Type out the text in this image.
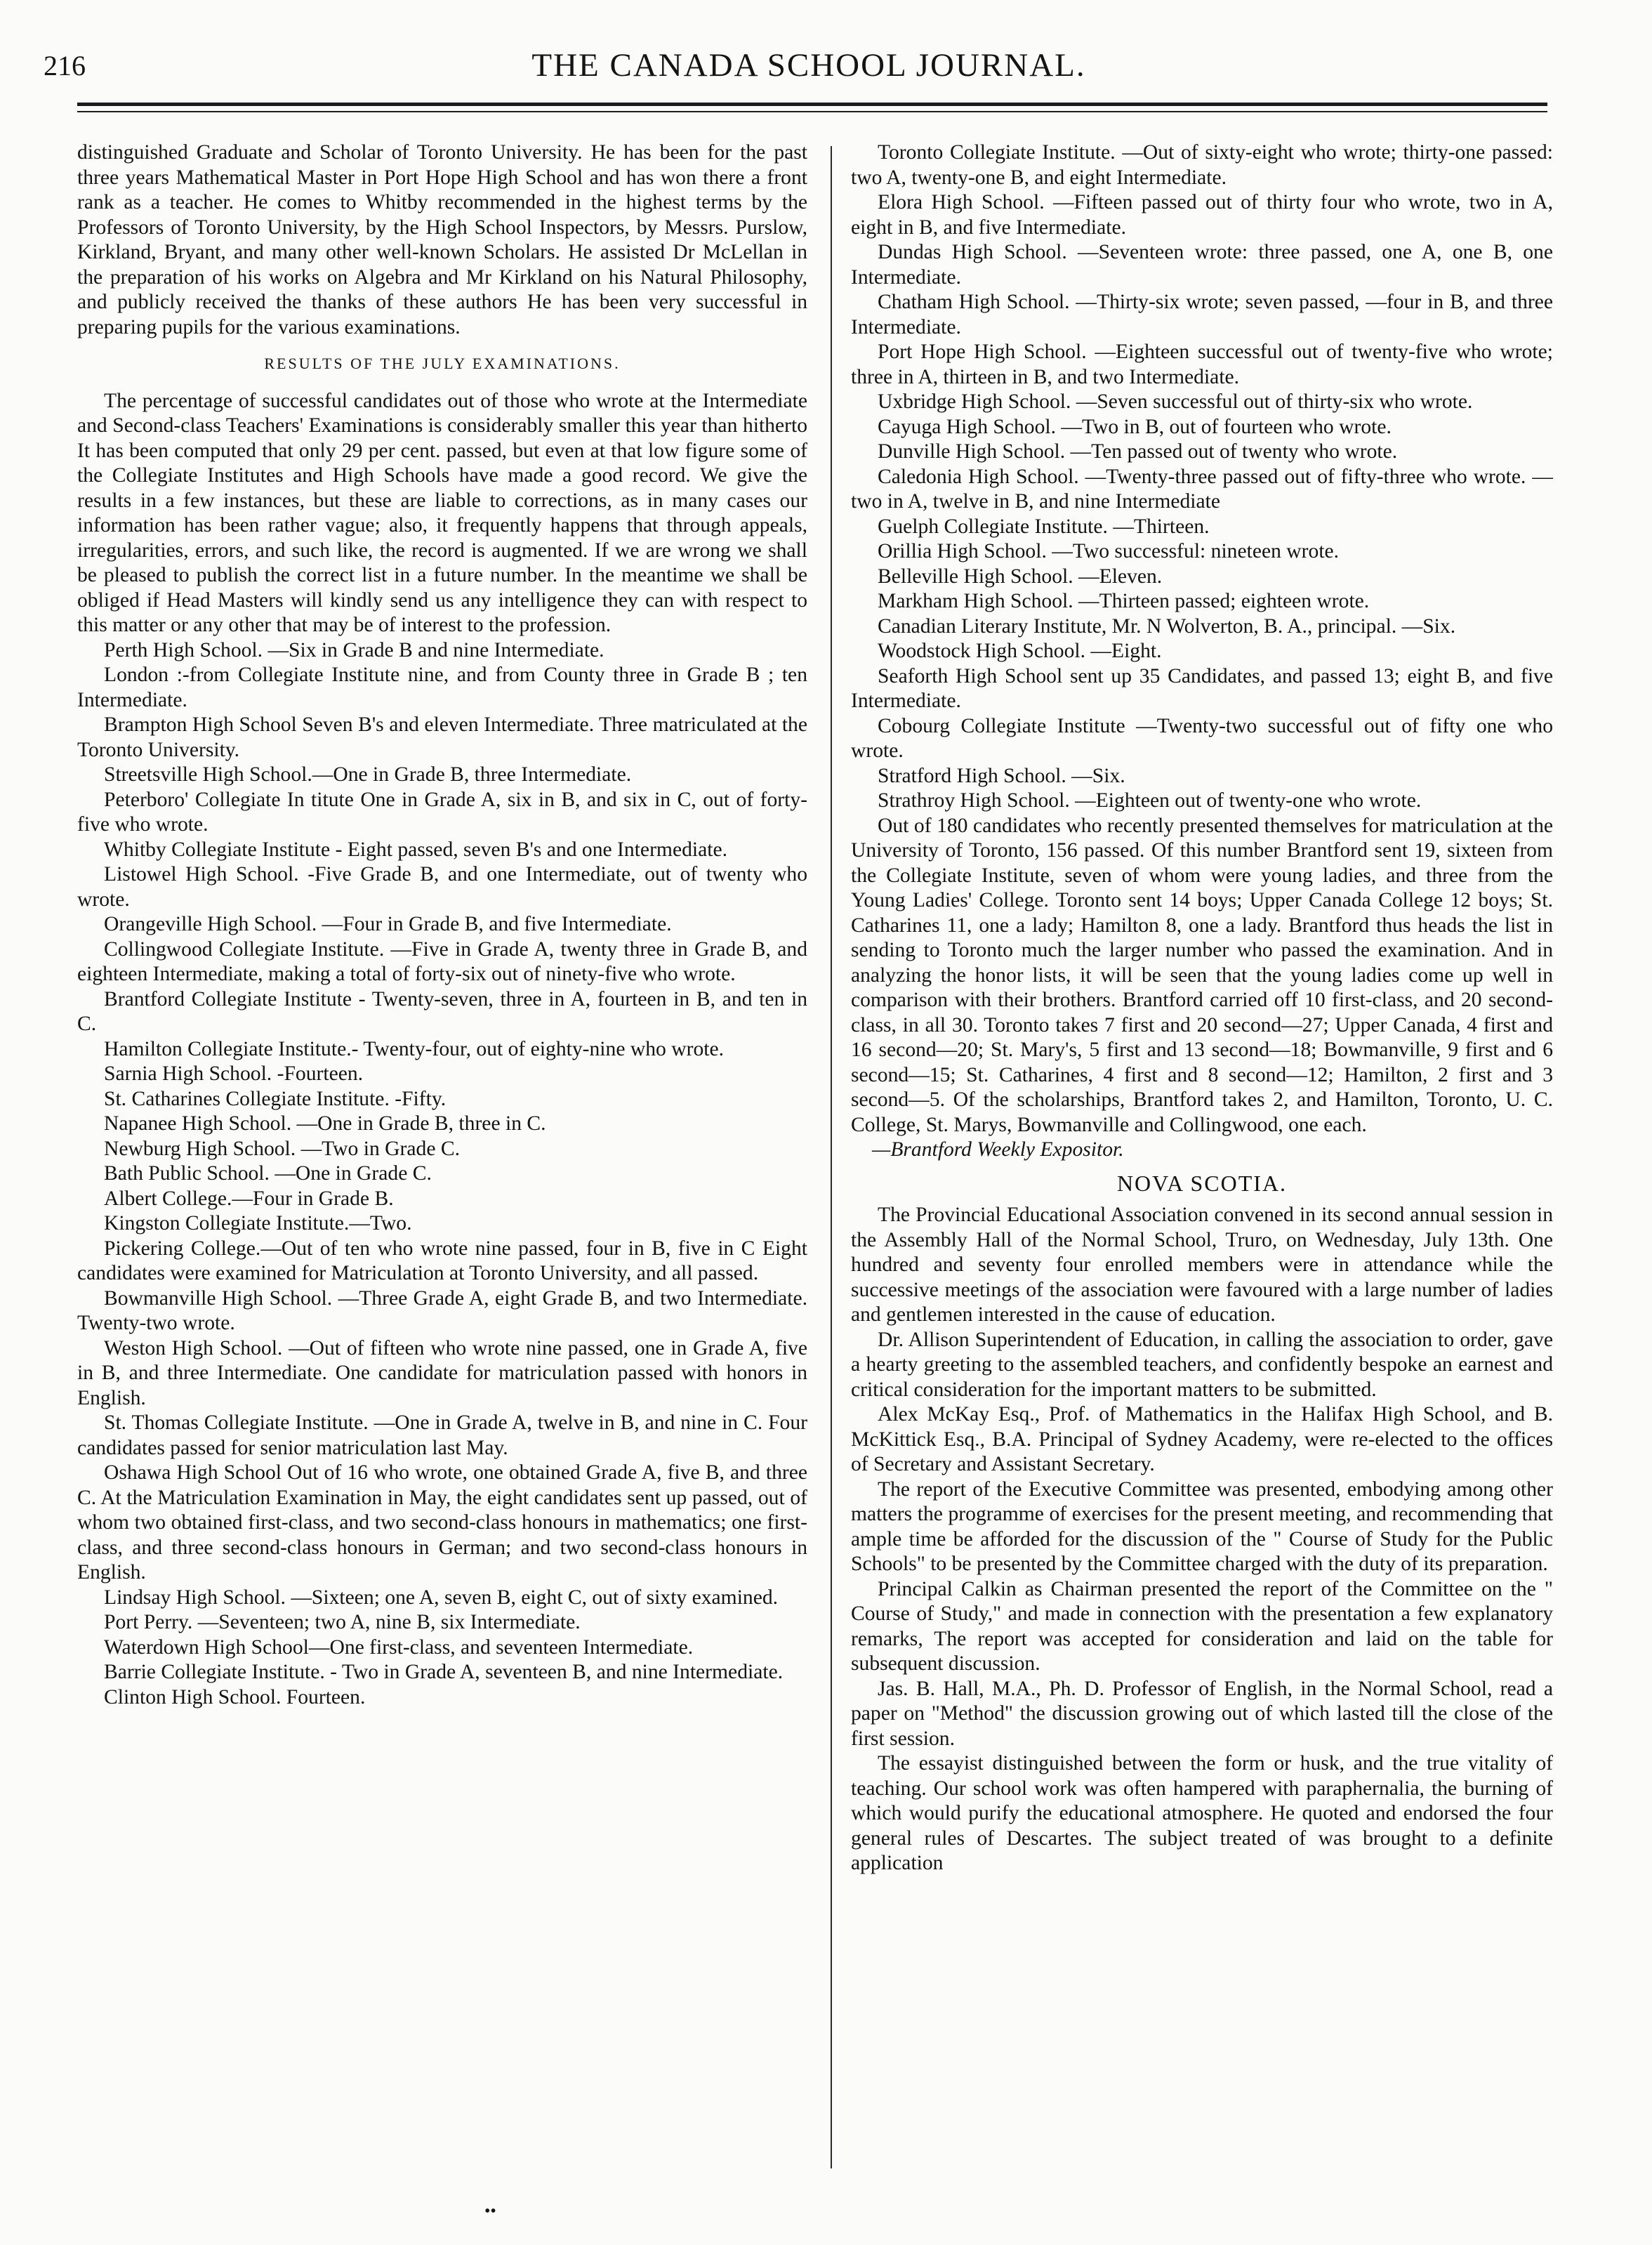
216	THE CANADA SCHOOL JOURNAL.

distinguished Graduate and Scholar of Toronto University. He has been for the past three years Mathematical Master in Port Hope High School and has won there a front rank as a teacher. He comes to Whitby recommended in the highest terms by the Professors of Toronto University, by the High School Inspectors, by Messrs. Purslow, Kirkland, Bryant, and many other well-known Scholars. He assisted Dr McLellan in the preparation of his works on Algebra and Mr Kirkland on his Natural Philosophy, and publicly received the thanks of these authors He has been very successful in preparing pupils for the various examinations.

RESULTS OF THE JULY EXAMINATIONS.

The percentage of successful candidates out of those who wrote at the Intermediate and Second-class Teachers' Examinations is considerably smaller this year than hitherto It has been computed that only 29 per cent. passed, but even at that low figure some of the Collegiate Institutes and High Schools have made a good record. We give the results in a few instances, but these are liable to corrections, as in many cases our information has been rather vague; also, it frequently happens that through appeals, irregularities, errors, and such like, the record is augmented. If we are wrong we shall be pleased to publish the correct list in a future number. In the meantime we shall be obliged if Head Masters will kindly send us any intelligence they can with respect to this matter or any other that may be of interest to the profession.

Perth High School. —Six in Grade B and nine Intermediate.

London :-from Collegiate Institute nine, and from County three in Grade B ; ten Intermediate.

Brampton High School Seven B's and eleven Intermediate. Three matriculated at the Toronto University.

Streetsville High School.—One in Grade B, three Intermediate.

Peterboro' Collegiate In titute One in Grade A, six in B, and six in C, out of forty-five who wrote.

Whitby Collegiate Institute - Eight passed, seven B's and one Intermediate.

Listowel High School. -Five Grade B, and one Intermediate, out of twenty who wrote.

Orangeville High School. —Four in Grade B, and five Intermediate.

Collingwood Collegiate Institute. —Five in Grade A, twenty three in Grade B, and eighteen Intermediate, making a total of forty-six out of ninety-five who wrote.

Brantford Collegiate Institute - Twenty-seven, three in A, fourteen in B, and ten in C.

Hamilton Collegiate Institute.- Twenty-four, out of eighty-nine who wrote.

Sarnia High School. -Fourteen.

St. Catharines Collegiate Institute. -Fifty.

Napanee High School. —One in Grade B, three in C.

Newburg High School. —Two in Grade C.

Bath Public School. —One in Grade C.

Albert College.—Four in Grade B.

Kingston Collegiate Institute.—Two.

Pickering College.—Out of ten who wrote nine passed, four in B, five in C Eight candidates were examined for Matriculation at Toronto University, and all passed.

Bowmanville High School. —Three Grade A, eight Grade B, and two Intermediate. Twenty-two wrote.

Weston High School. —Out of fifteen who wrote nine passed, one in Grade A, five in B, and three Intermediate. One candidate for matriculation passed with honors in English.

St. Thomas Collegiate Institute. —One in Grade A, twelve in B, and nine in C. Four candidates passed for senior matriculation last May.

Oshawa High School Out of 16 who wrote, one obtained Grade A, five B, and three C. At the Matriculation Examination in May, the eight candidates sent up passed, out of whom two obtained first-class, and two second-class honours in mathematics; one first-class, and three second-class honours in German; and two second-class honours in English.

Lindsay High School. —Sixteen; one A, seven B, eight C, out of sixty examined.

Port Perry. —Seventeen; two A, nine B, six Intermediate.

Waterdown High School—One first-class, and seventeen Intermediate.

Barrie Collegiate Institute. - Two in Grade A, seventeen B, and nine Intermediate.

Clinton High School. Fourteen.

Toronto Collegiate Institute. —Out of sixty-eight who wrote; thirty-one passed: two A, twenty-one B, and eight Intermediate.

Elora High School. —Fifteen passed out of thirty four who wrote, two in A, eight in B, and five Intermediate.

Dundas High School. —Seventeen wrote: three passed, one A, one B, one Intermediate.

Chatham High School. —Thirty-six wrote; seven passed, —four in B, and three Intermediate.

Port Hope High School. —Eighteen successful out of twenty-five who wrote; three in A, thirteen in B, and two Intermediate.

Uxbridge High School. —Seven successful out of thirty-six who wrote.

Cayuga High School. —Two in B, out of fourteen who wrote.

Dunville High School. —Ten passed out of twenty who wrote.

Caledonia High School. —Twenty-three passed out of fifty-three who wrote. —two in A, twelve in B, and nine Intermediate

Guelph Collegiate Institute. —Thirteen.

Orillia High School. —Two successful: nineteen wrote.

Belleville High School. —Eleven.

Markham High School. —Thirteen passed; eighteen wrote.

Canadian Literary Institute, Mr. N Wolverton, B. A., principal. —Six.

Woodstock High School. —Eight.

Seaforth High School sent up 35 Candidates, and passed 13; eight B, and five Intermediate.

Cobourg Collegiate Institute —Twenty-two successful out of fifty one who wrote.

Stratford High School. —Six.

Strathroy High School. —Eighteen out of twenty-one who wrote.

Out of 180 candidates who recently presented themselves for matriculation at the University of Toronto, 156 passed. Of this number Brantford sent 19, sixteen from the Collegiate Institute, seven of whom were young ladies, and three from the Young Ladies' College. Toronto sent 14 boys; Upper Canada College 12 boys; St. Catharines 11, one a lady; Hamilton 8, one a lady. Brantford thus heads the list in sending to Toronto much the larger number who passed the examination. And in analyzing the honor lists, it will be seen that the young ladies come up well in comparison with their brothers. Brantford carried off 10 first-class, and 20 second-class, in all 30. Toronto takes 7 first and 20 second—27; Upper Canada, 4 first and 16 second—20; St. Mary's, 5 first and 13 second—18; Bowmanville, 9 first and 6 second—15; St. Catharines, 4 first and 8 second—12; Hamilton, 2 first and 3 second—5. Of the scholarships, Brantford takes 2, and Hamilton, Toronto, U. C. College, St. Marys, Bowmanville and Collingwood, one each.

—Brantford Weekly Expositor.

NOVA SCOTIA.

The Provincial Educational Association convened in its second annual session in the Assembly Hall of the Normal School, Truro, on Wednesday, July 13th. One hundred and seventy four enrolled members were in attendance while the successive meetings of the association were favoured with a large number of ladies and gentlemen interested in the cause of education.

Dr. Allison Superintendent of Education, in calling the association to order, gave a hearty greeting to the assembled teachers, and confidently bespoke an earnest and critical consideration for the important matters to be submitted.

Alex McKay Esq., Prof. of Mathematics in the Halifax High School, and B. McKittick Esq., B.A. Principal of Sydney Academy, were re-elected to the offices of Secretary and Assistant Secretary.

The report of the Executive Committee was presented, embodying among other matters the programme of exercises for the present meeting, and recommending that ample time be afforded for the discussion of the " Course of Study for the Public Schools" to be presented by the Committee charged with the duty of its preparation.

Principal Calkin as Chairman presented the report of the Committee on the " Course of Study," and made in connection with the presentation a few explanatory remarks, The report was accepted for consideration and laid on the table for subsequent discussion.

Jas. B. Hall, M.A., Ph. D. Professor of English, in the Normal School, read a paper on "Method" the discussion growing out of which lasted till the close of the first session.

The essayist distinguished between the form or husk, and the true vitality of teaching. Our school work was often hampered with paraphernalia, the burning of which would purify the educational atmosphere. He quoted and endorsed the four general rules of Descartes. The subject treated of was brought to a definite application

••
